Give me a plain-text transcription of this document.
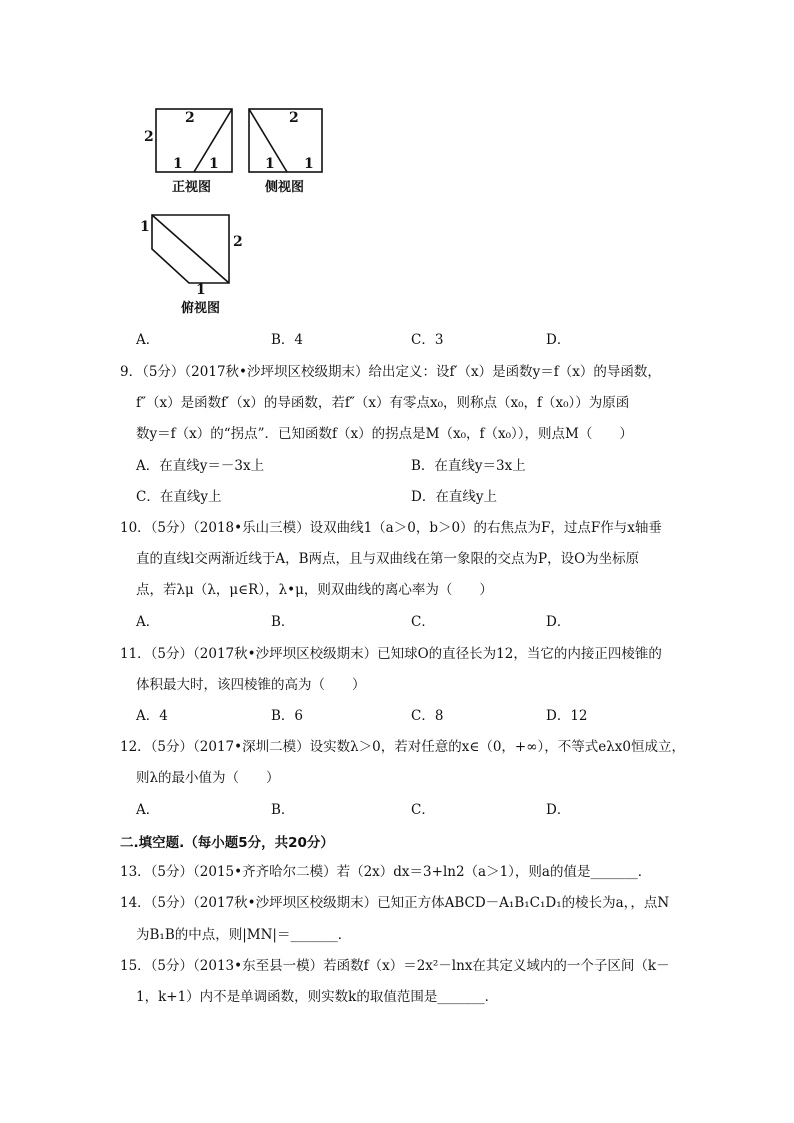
2
2
1 1
正视图
2
1 1
侧视图
1
2
1
俯视图
A．	B．4	C．3	D．
9．（5分）（2017秋•沙坪坝区校级期末）给出定义：设f′（x）是函数y＝f（x）的导函数，
f″（x）是函数f′（x）的导函数，若f″（x）有零点x₀，则称点（x₀，f（x₀））为原函
数y＝f（x）的“拐点”．已知函数f（x）的拐点是M（x₀，f（x₀）），则点M（　　）
A．在直线y＝－3x上	B．在直线y＝3x上
C．在直线y上	D．在直线y上
10．（5分）（2018•乐山三模）设双曲线1（a＞0，b＞0）的右焦点为F，过点F作与x轴垂
直的直线l交两渐近线于A，B两点，且与双曲线在第一象限的交点为P，设O为坐标原
点，若λμ（λ，μ∈R），λ•μ，则双曲线的离心率为（　　）
A．	B．	C．	D．
11．（5分）（2017秋•沙坪坝区校级期末）已知球O的直径长为12，当它的内接正四棱锥的
体积最大时，该四棱锥的高为（　　）
A．4	B．6	C．8	D．12
12．（5分）（2017•深圳二模）设实数λ＞0，若对任意的x∈（0，+∞），不等式eλx0恒成立，
则λ的最小值为（　　）
A．	B．	C．	D．
二.填空题.（每小题5分，共20分）
13．（5分）（2015•齐齐哈尔二模）若（2x）dx＝3+ln2（a＞1），则a的值是_______．
14．（5分）（2017秋•沙坪坝区校级期末）已知正方体ABCD－A₁B₁C₁D₁的棱长为a，，点N
为B₁B的中点，则|MN|＝_______．
15．（5分）（2013•东至县一模）若函数f（x）＝2x²－lnx在其定义域内的一个子区间（k－
1，k+1）内不是单调函数，则实数k的取值范围是_______．
